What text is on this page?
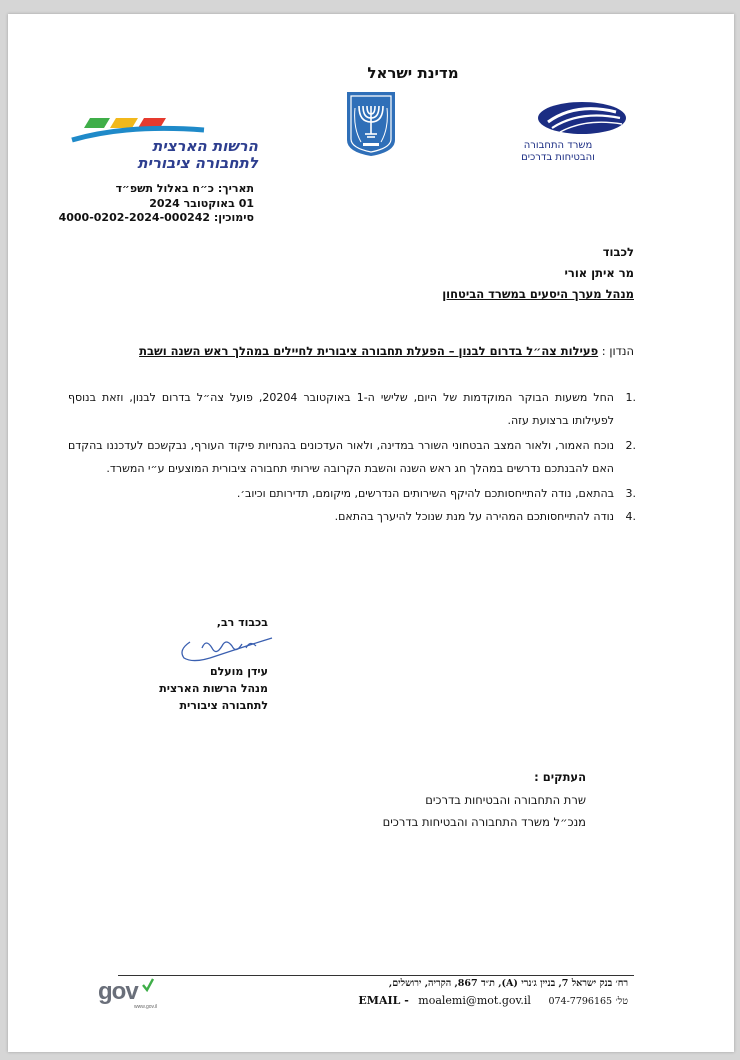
מדינת ישראל
משרד התחבורה
והבטיחות בדרכים
הרשות הארצית
לתחבורה ציבורית
תאריך: כ״ח באלול תשפ״ד
01 באוקטובר 2024
סימוכין: 4000-0202-2024-000242
לכבוד
מר איתן אורי
מנהל מערך היסעים במשרד הביטחון
הנדון : פעילות צה״ל בדרום לבנון – הפעלת תחבורה ציבורית לחיילים במהלך ראש השנה ושבת
.1
החל משעות הבוקר המוקדמות של היום, שלישי ה-1 באוקטובר 20204, פועל צה״ל בדרום לבנון, וזאת בנוסף לפעילותו ברצועת עזה.
.2
נוכח האמור, ולאור המצב הבטחוני השורר במדינה, ולאור העדכונים בהנחיות פיקוד העורף, נבקשכם לעדכננו בהקדם האם להבנתכם נדרשים במהלך חג ראש השנה והשבת הקרובה שירותי תחבורה ציבורית המוצעים ע״י המשרד.
.3
בהתאם, נודה להתייחסותכם להיקף השירותים הנדרשים, מיקומם, תדירותם וכיוב׳.
.4
נודה להתייחסותכם המהירה על מנת שנוכל להיערך בהתאם.
בכבוד רב,
עידן מועלם
מנהל הרשות הארצית
לתחבורה ציבורית
העתקים :
שרת התחבורה והבטיחות בדרכים
מנכ״ל משרד התחבורה והבטיחות בדרכים
רח׳ בנק ישראל 7, בניין ג׳נרי (A), ת״ד 867, הקריה, ירושלים,
EMAIL - moalemi@mot.gov.il 074-7796165 טל׳
gov
www.gov.il
